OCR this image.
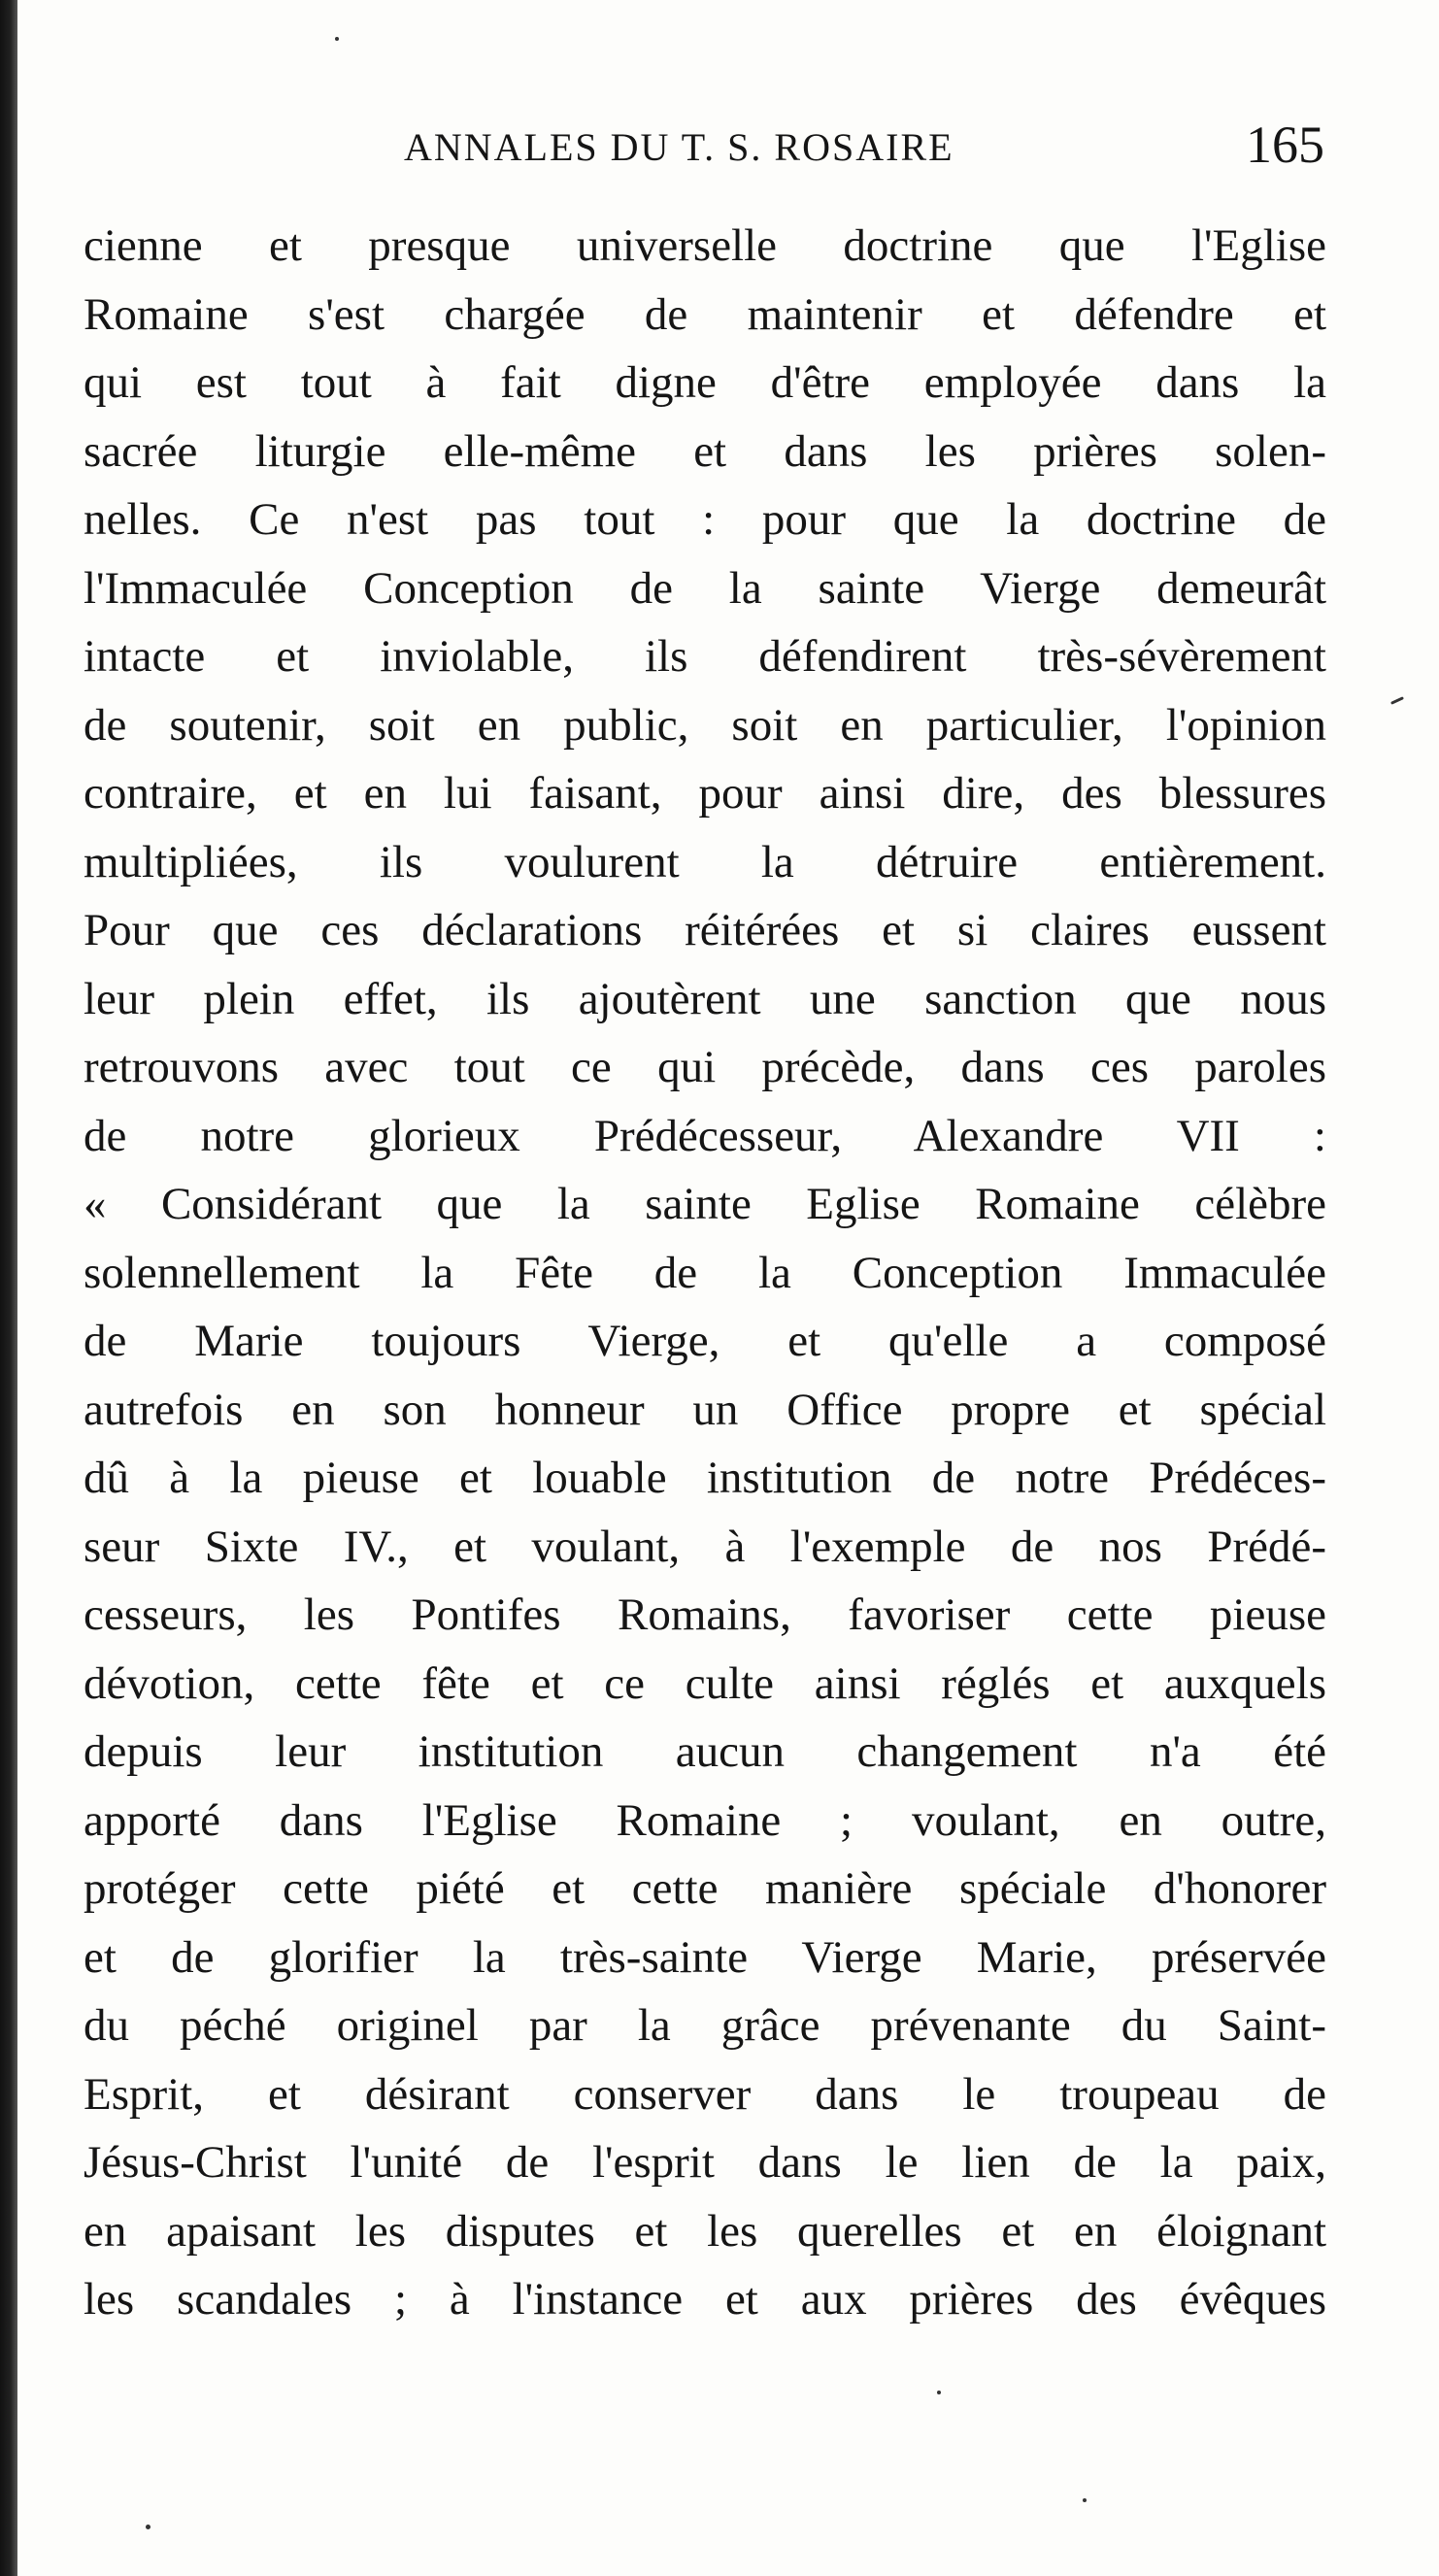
ANNALES DU T. S. ROSAIRE	165
cienne et presque universelle doctrine que l'Eglise
Romaine s'est chargée de maintenir et défendre et
qui est tout à fait digne d'être employée dans la
sacrée liturgie elle-même et dans les prières solen-
nelles. Ce n'est pas tout : pour que la doctrine de
l'Immaculée Conception de la sainte Vierge demeurât
intacte et inviolable, ils défendirent très-sévèrement
de soutenir, soit en public, soit en particulier, l'opinion
contraire, et en lui faisant, pour ainsi dire, des blessures
multipliées, ils voulurent la détruire entièrement.
Pour que ces déclarations réitérées et si claires eussent
leur plein effet, ils ajoutèrent une sanction que nous
retrouvons avec tout ce qui précède, dans ces paroles
de notre glorieux Prédécesseur, Alexandre VII :
« Considérant que la sainte Eglise Romaine célèbre
solennellement la Fête de la Conception Immaculée
de Marie toujours Vierge, et qu'elle a composé
autrefois en son honneur un Office propre et spécial
dû à la pieuse et louable institution de notre Prédéces-
seur Sixte IV., et voulant, à l'exemple de nos Prédé-
cesseurs, les Pontifes Romains, favoriser cette pieuse
dévotion, cette fête et ce culte ainsi réglés et auxquels
depuis leur institution aucun changement n'a été
apporté dans l'Eglise Romaine ; voulant, en outre,
protéger cette piété et cette manière spéciale d'honorer
et de glorifier la très-sainte Vierge Marie, préservée
du péché originel par la grâce prévenante du Saint-
Esprit, et désirant conserver dans le troupeau de
Jésus-Christ l'unité de l'esprit dans le lien de la paix,
en apaisant les disputes et les querelles et en éloignant
les scandales ; à l'instance et aux prières des évêques
